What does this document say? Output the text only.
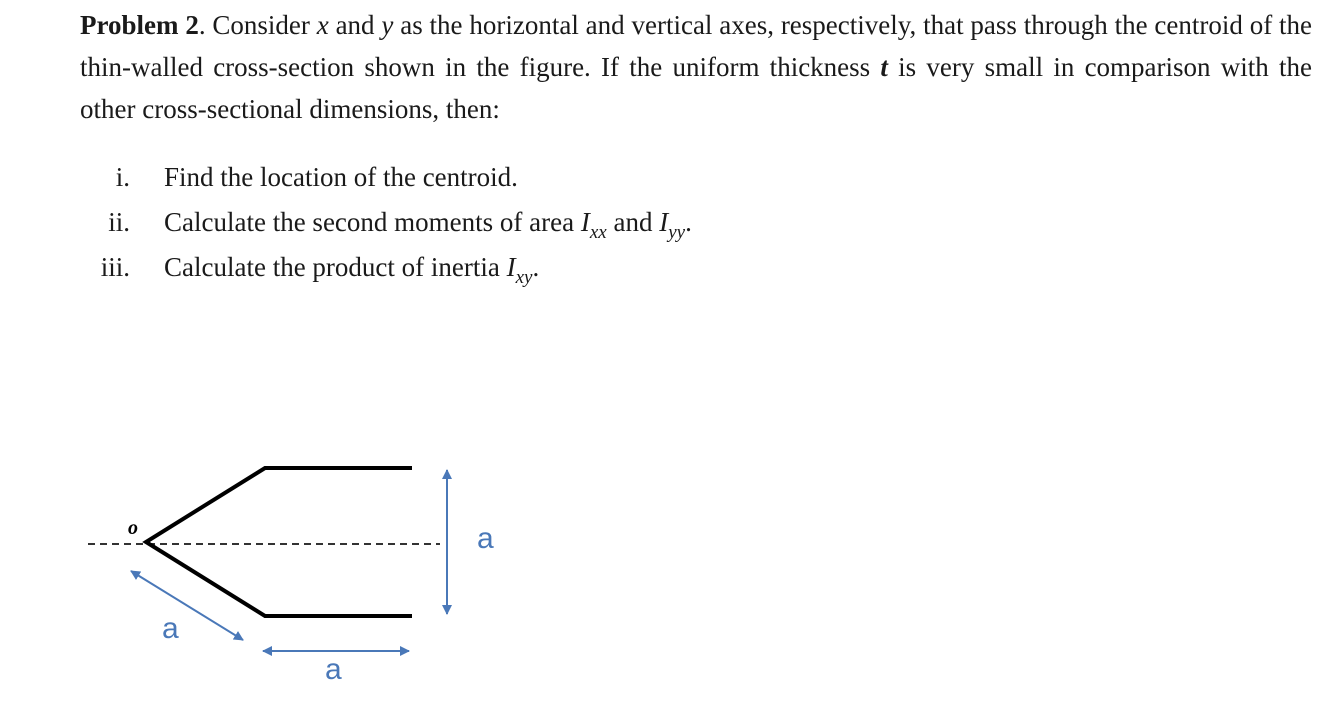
Problem 2. Consider x and y as the horizontal and vertical axes, respectively, that pass through the centroid of the thin-walled cross-section shown in the figure. If the uniform thickness t is very small in comparison with the other cross-sectional dimensions, then:
i. Find the location of the centroid.
ii. Calculate the second moments of area $I_{xx}$ and $I_{yy}$.
iii. Calculate the product of inertia $I_{xy}$.
o	a
a
a
